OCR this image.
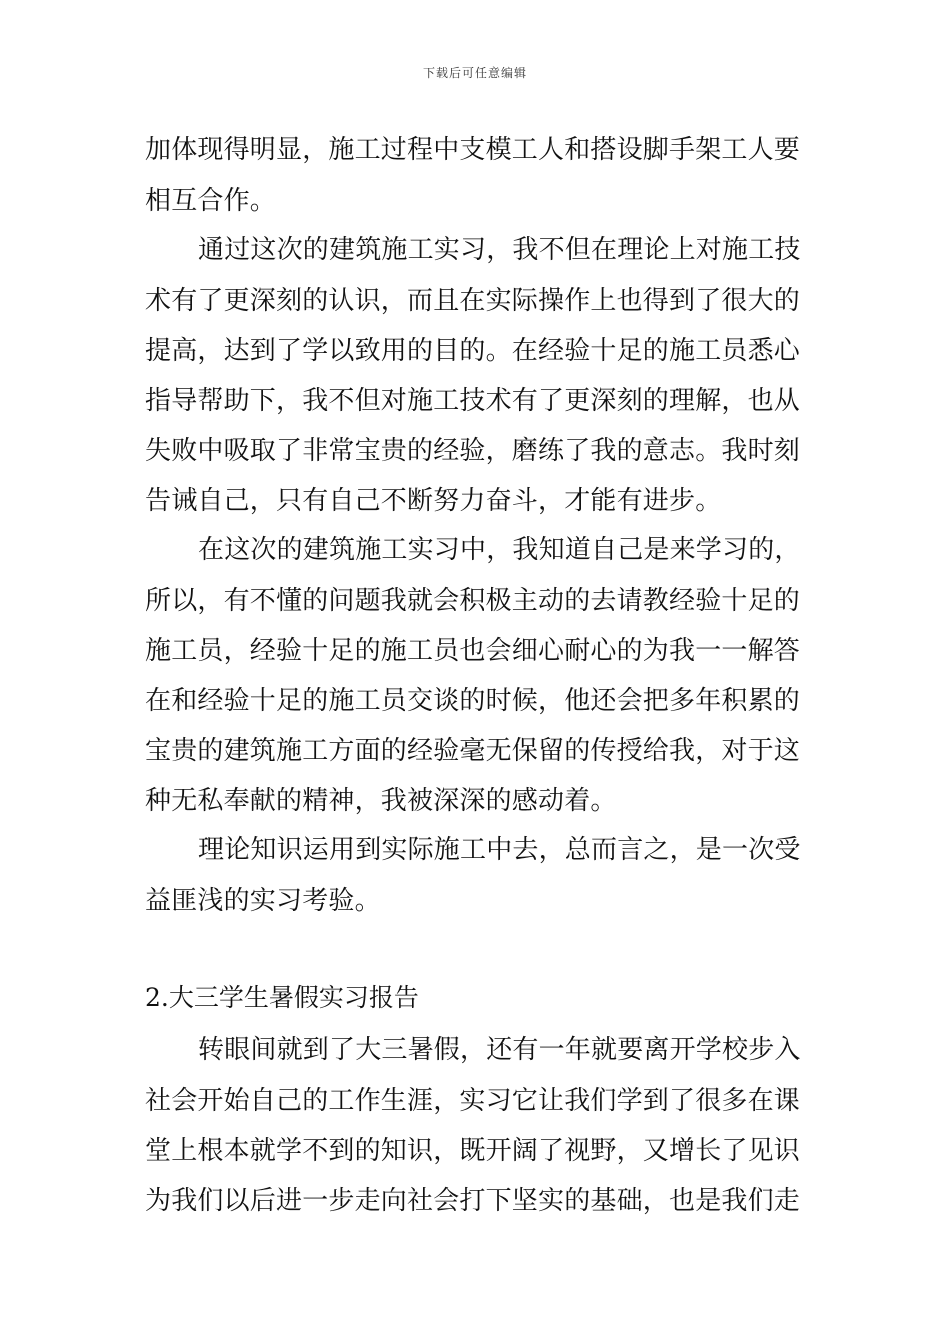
下载后可任意编辑
加体现得明显，施工过程中支模工人和搭设脚手架工人要
相互合作。
通过这次的建筑施工实习，我不但在理论上对施工技
术有了更深刻的认识，而且在实际操作上也得到了很大的
提高，达到了学以致用的目的。在经验十足的施工员悉心
指导帮助下，我不但对施工技术有了更深刻的理解，也从
失败中吸取了非常宝贵的经验，磨练了我的意志。我时刻
告诫自己，只有自己不断努力奋斗，才能有进步。
在这次的建筑施工实习中，我知道自己是来学习的，
所以，有不懂的问题我就会积极主动的去请教经验十足的
施工员，经验十足的施工员也会细心耐心的为我一一解答
在和经验十足的施工员交谈的时候，他还会把多年积累的
宝贵的建筑施工方面的经验毫无保留的传授给我，对于这
种无私奉献的精神，我被深深的感动着。
理论知识运用到实际施工中去，总而言之，是一次受
益匪浅的实习考验。
2.大三学生暑假实习报告
转眼间就到了大三暑假，还有一年就要离开学校步入
社会开始自己的工作生涯，实习它让我们学到了很多在课
堂上根本就学不到的知识，既开阔了视野，又增长了见识
为我们以后进一步走向社会打下坚实的基础，也是我们走
